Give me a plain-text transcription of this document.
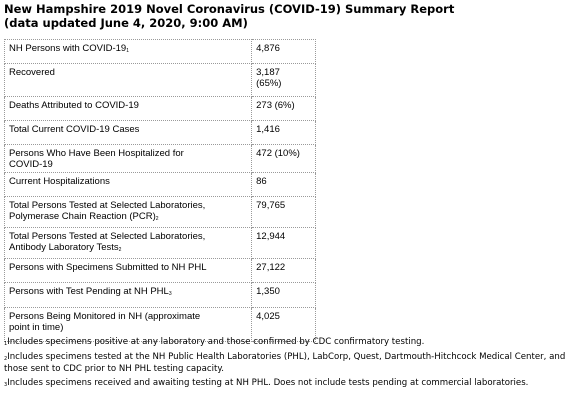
New Hampshire 2019 Novel Coronavirus (COVID-19) Summary Report
(data updated June 4, 2020, 9:00 AM)
NH Persons with COVID-191	4,876
Recovered	3,187
(65%)

Deaths Attributed to COVID-19	273 (6%)
Total Current COVID-19 Cases	1,416

Persons Who Have Been Hospitalized for
COVID-19	472 (10%)
Current Hospitalizations	86

Total Persons Tested at Selected Laboratories,
Polymerase Chain Reaction (PCR)2	79,765

Total Persons Tested at Selected Laboratories,
Antibody Laboratory Tests2	12,944
Persons with Specimens Submitted to NH PHL	27,122
Persons with Test Pending at NH PHL3	1,350

Persons Being Monitored in NH (approximate
point in time)	4,025

1Includes specimens positive at any laboratory and those confirmed by CDC confirmatory testing.

2Includes specimens tested at the NH Public Health Laboratories (PHL), LabCorp, Quest, Dartmouth-Hitchcock Medical Center, and those sent to CDC prior to NH PHL testing capacity.

3Includes specimens received and awaiting testing at NH PHL. Does not include tests pending at commercial laboratories.
